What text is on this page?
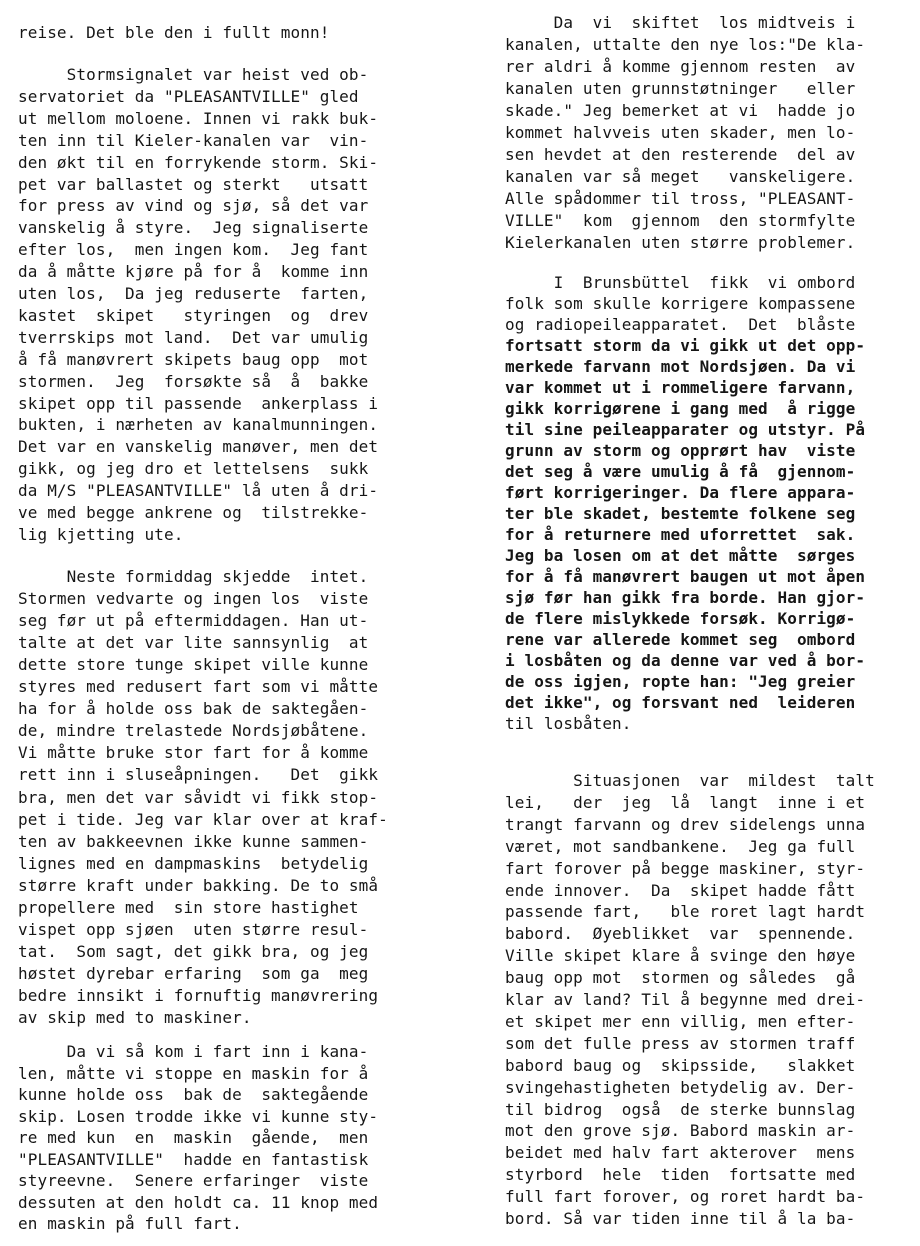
reise. Det ble den i fullt monn!
Stormsignalet var heist ved ob-
servatoriet da "PLEASANTVILLE" gled
ut mellom moloene. Innen vi rakk buk-
ten inn til Kieler-kanalen var  vin-
den økt til en forrykende storm. Ski-
pet var ballastet og sterkt   utsatt
for press av vind og sjø, så det var
vanskelig å styre.  Jeg signaliserte
efter los,  men ingen kom.  Jeg fant
da å måtte kjøre på for å  komme inn
uten los,  Da jeg reduserte  farten,
kastet  skipet   styringen  og  drev
tverrskips mot land.  Det var umulig
å få manøvrert skipets baug opp  mot
stormen.  Jeg  forsøkte så  å  bakke
skipet opp til passende  ankerplass i
bukten, i nærheten av kanalmunningen.
Det var en vanskelig manøver, men det
gikk, og jeg dro et lettelsens  sukk
da M/S "PLEASANTVILLE" lå uten å dri-
ve med begge ankrene og  tilstrekke-
lig kjetting ute.
Neste formiddag skjedde  intet.
Stormen vedvarte og ingen los  viste
seg før ut på eftermiddagen. Han ut-
talte at det var lite sannsynlig  at
dette store tunge skipet ville kunne
styres med redusert fart som vi måtte
ha for å holde oss bak de saktegåen-
de, mindre trelastede Nordsjøbåtene.
Vi måtte bruke stor fart for å komme
rett inn i sluseåpningen.   Det  gikk
bra, men det var såvidt vi fikk stop-
pet i tide. Jeg var klar over at kraf-
ten av bakkeevnen ikke kunne sammen-
lignes med en dampmaskins  betydelig
større kraft under bakking. De to små
propellere med  sin store hastighet
vispet opp sjøen  uten større resul-
tat.  Som sagt, det gikk bra, og jeg
høstet dyrebar erfaring  som ga  meg
bedre innsikt i fornuftig manøvrering
av skip med to maskiner.
Da vi så kom i fart inn i kana-
len, måtte vi stoppe en maskin for å
kunne holde oss  bak de  saktegående
skip. Losen trodde ikke vi kunne sty-
re med kun  en  maskin  gående,  men
"PLEASANTVILLE"  hadde en fantastisk
styreevne.  Senere erfaringer  viste
dessuten at den holdt ca. 11 knop med
en maskin på full fart.
Da  vi  skiftet  los midtveis i
kanalen, uttalte den nye los:"De kla-
rer aldri å komme gjennom resten  av
kanalen uten grunnstøtninger   eller
skade." Jeg bemerket at vi  hadde jo
kommet halvveis uten skader, men lo-
sen hevdet at den resterende  del av
kanalen var så meget   vanskeligere.
Alle spådommer til tross, "PLEASANT-
VILLE"  kom  gjennom  den stormfylte
Kielerkanalen uten større problemer.
I  Brunsbüttel  fikk  vi ombord
folk som skulle korrigere kompassene
og radiopeileapparatet.  Det  blåste
fortsatt storm da vi gikk ut det opp-
merkede farvann mot Nordsjøen. Da vi
var kommet ut i rommeligere farvann,
gikk korrigørene i gang med  å rigge
til sine peileapparater og utstyr. På
grunn av storm og opprørt hav  viste
det seg å være umulig å få  gjennom-
ført korrigeringer. Da flere appara-
ter ble skadet, bestemte folkene seg
for å returnere med uforrettet  sak.
Jeg ba losen om at det måtte  sørges
for å få manøvrert baugen ut mot åpen
sjø før han gikk fra borde. Han gjor-
de flere mislykkede forsøk. Korrigø-
rene var allerede kommet seg  ombord
i losbåten og da denne var ved å bor-
de oss igjen, ropte han: "Jeg greier
det ikke", og forsvant ned  leideren
til losbåten.
Situasjonen  var  mildest  talt
lei,   der  jeg  lå  langt  inne i et
trangt farvann og drev sidelengs unna
været, mot sandbankene.  Jeg ga full
fart forover på begge maskiner, styr-
ende innover.  Da  skipet hadde fått
passende fart,   ble roret lagt hardt
babord.  Øyeblikket  var  spennende.
Ville skipet klare å svinge den høye
baug opp mot  stormen og således  gå
klar av land? Til å begynne med drei-
et skipet mer enn villig, men efter-
som det fulle press av stormen traff
babord baug og  skipsside,   slakket
svingehastigheten betydelig av. Der-
til bidrog  også  de sterke bunnslag
mot den grove sjø. Babord maskin ar-
beidet med halv fart akterover  mens
styrbord  hele  tiden  fortsatte med
full fart forover, og roret hardt ba-
bord. Så var tiden inne til å la ba-
